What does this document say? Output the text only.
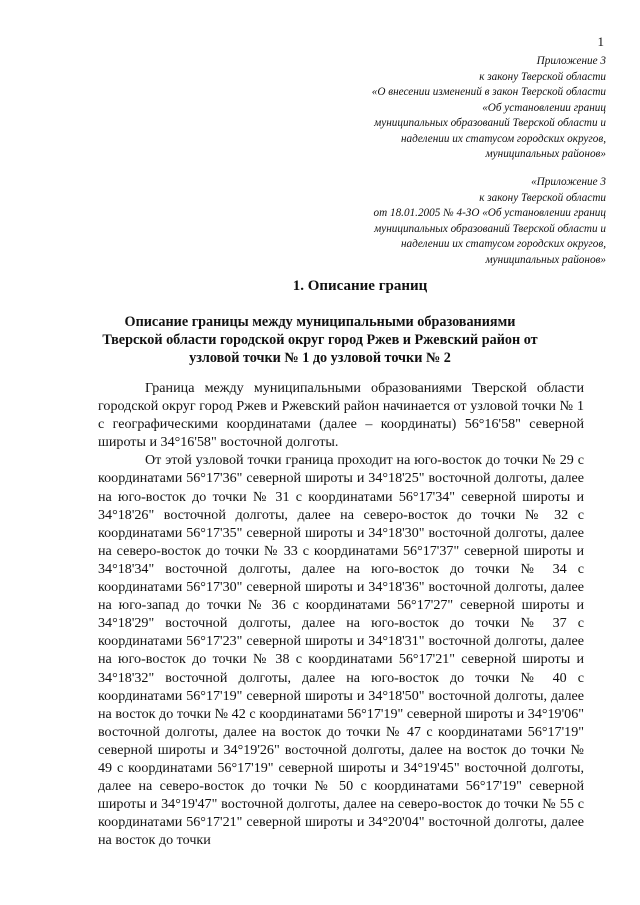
1
Приложение 3
к закону Тверской области
«О внесении изменений в закон Тверской области
«Об установлении границ
муниципальных образований Тверской области и
наделении их статусом городских округов,
муниципальных районов»
«Приложение 3
к закону Тверской области
от 18.01.2005 № 4-ЗО «Об установлении границ
муниципальных образований Тверской области и
наделении их статусом городских округов,
муниципальных районов»
1. Описание границ
Описание границы между муниципальными образованиями Тверской области городской округ город Ржев и Ржевский район от узловой точки № 1 до узловой точки № 2

Граница между муниципальными образованиями Тверской области городской округ город Ржев и Ржевский район начинается от узловой точки № 1 с географическими координатами (далее – координаты) 56°16'58" северной широты и 34°16'58" восточной долготы.

От этой узловой точки граница проходит на юго-восток до точки № 29 с координатами 56°17'36" северной широты и 34°18'25" восточной долготы, далее на юго-восток до точки № 31 с координатами 56°17'34" северной широты и 34°18'26" восточной долготы, далее на северо-восток до точки № 32 с координатами 56°17'35" северной широты и 34°18'30" восточной долготы, далее на северо-восток до точки № 33 с координатами 56°17'37" северной широты и 34°18'34" восточной долготы, далее на юго-восток до точки № 34 с координатами 56°17'30" северной широты и 34°18'36" восточной долготы, далее на юго-запад до точки № 36 с координатами 56°17'27" северной широты и 34°18'29" восточной долготы, далее на юго-восток до точки № 37 с координатами 56°17'23" северной широты и 34°18'31" восточной долготы, далее на юго-восток до точки № 38 с координатами 56°17'21" северной широты и 34°18'32" восточной долготы, далее на юго-восток до точки № 40 с координатами 56°17'19" северной широты и 34°18'50" восточной долготы, далее на восток до точки № 42 с координатами 56°17'19" северной широты и 34°19'06" восточной долготы, далее на восток до точки № 47 с координатами 56°17'19" северной широты и 34°19'26" восточной долготы, далее на восток до точки № 49 с координатами 56°17'19" северной широты и 34°19'45" восточной долготы, далее на северо-восток до точки № 50 с координатами 56°17'19" северной широты и 34°19'47" восточной долготы, далее на северо-восток до точки № 55 с координатами 56°17'21" северной широты и 34°20'04" восточной долготы, далее на восток до точки
